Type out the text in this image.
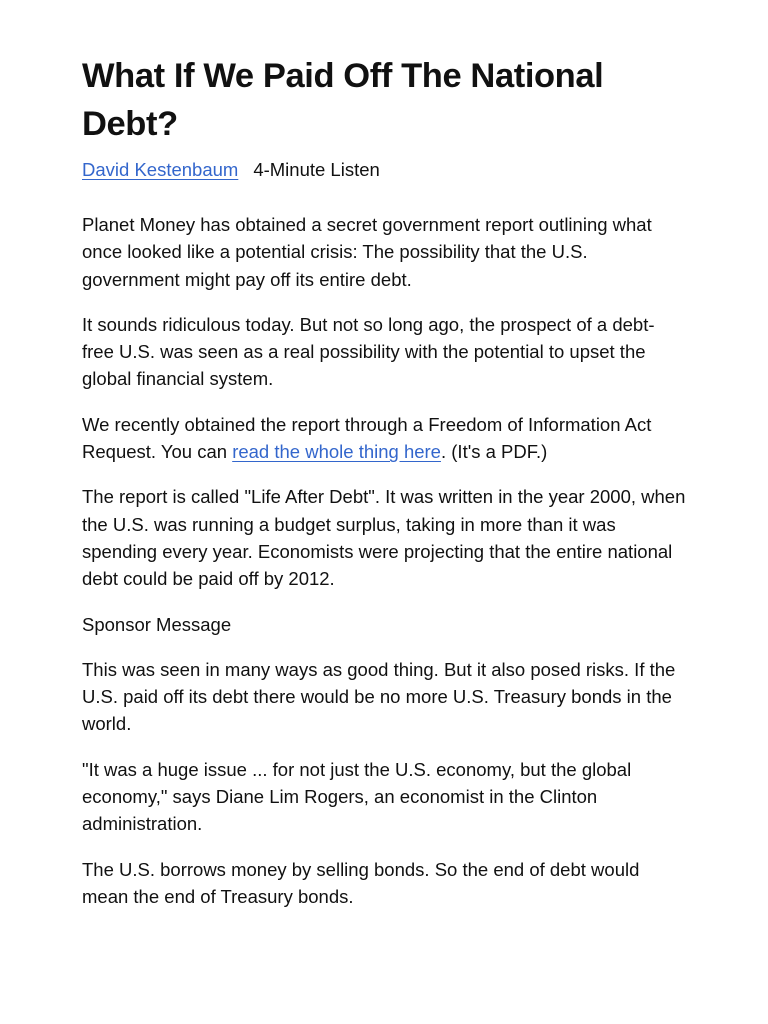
What If We Paid Off The National Debt?
David Kestenbaum 4-Minute Listen

Planet Money has obtained a secret government report outlining what once looked like a potential crisis: The possibility that the U.S. government might pay off its entire debt.

It sounds ridiculous today. But not so long ago, the prospect of a debt-free U.S. was seen as a real possibility with the potential to upset the global financial system.

We recently obtained the report through a Freedom of Information Act Request. You can read the whole thing here. (It's a PDF.)

The report is called "Life After Debt". It was written in the year 2000, when the U.S. was running a budget surplus, taking in more than it was spending every year. Economists were projecting that the entire national debt could be paid off by 2012.

Sponsor Message

This was seen in many ways as good thing. But it also posed risks. If the U.S. paid off its debt there would be no more U.S. Treasury bonds in the world.

"It was a huge issue ... for not just the U.S. economy, but the global economy," says Diane Lim Rogers, an economist in the Clinton administration.

The U.S. borrows money by selling bonds. So the end of debt would mean the end of Treasury bonds.
